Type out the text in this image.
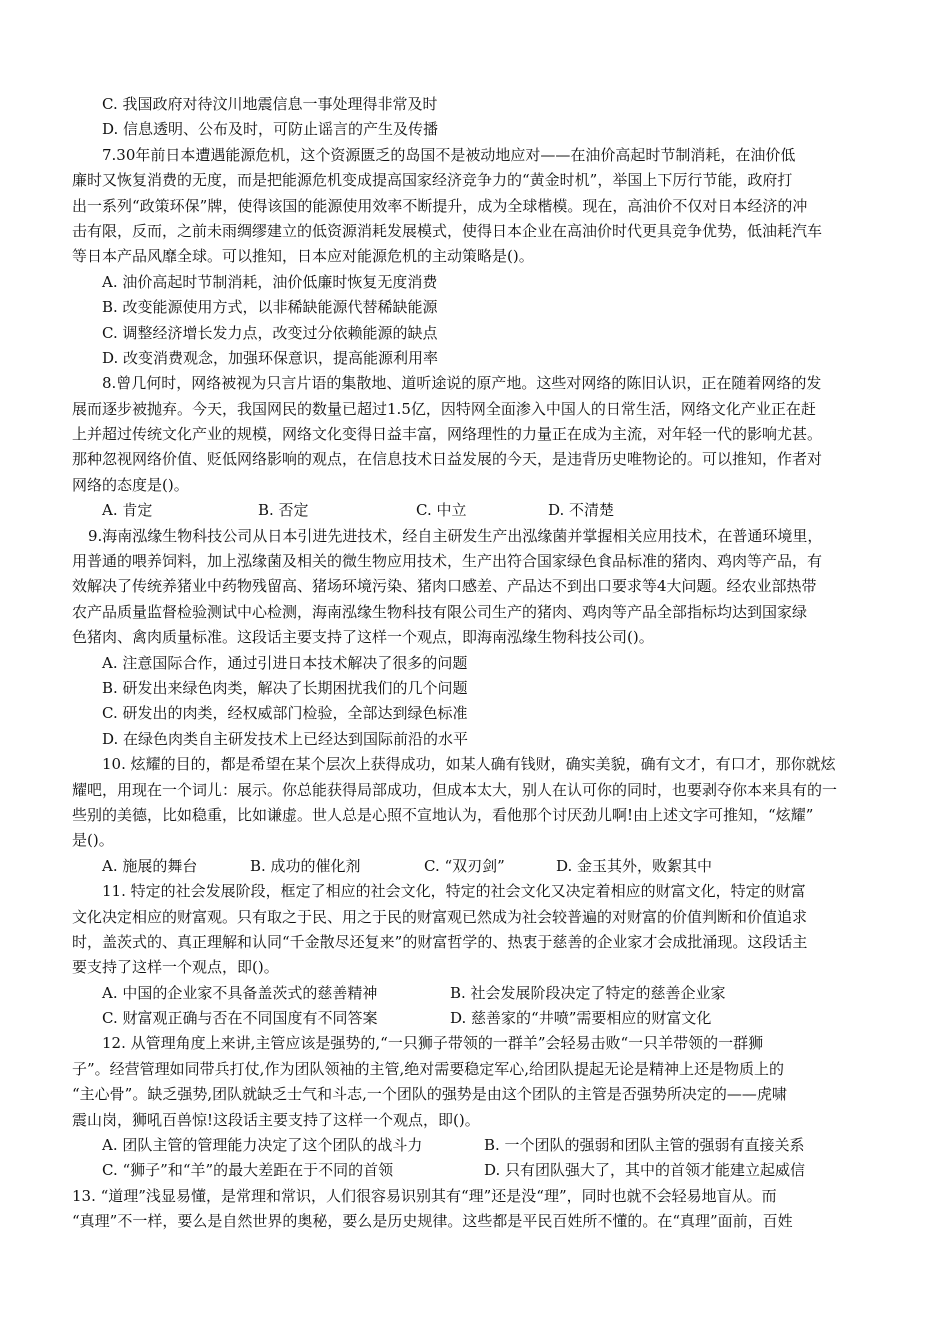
C. 我国政府对待汶川地震信息一事处理得非常及时
D. 信息透明、公布及时，可防止谣言的产生及传播
7.30年前日本遭遇能源危机，这个资源匮乏的岛国不是被动地应对——在油价高起时节制消耗，在油价低
廉时又恢复消费的无度，而是把能源危机变成提高国家经济竞争力的“黄金时机”，举国上下厉行节能，政府打
出一系列“政策环保”牌，使得该国的能源使用效率不断提升，成为全球楷模。现在，高油价不仅对日本经济的冲
击有限，反而，之前未雨绸缪建立的低资源消耗发展模式，使得日本企业在高油价时代更具竞争优势，低油耗汽车
等日本产品风靡全球。可以推知，日本应对能源危机的主动策略是()。
A. 油价高起时节制消耗，油价低廉时恢复无度消费
B. 改变能源使用方式，以非稀缺能源代替稀缺能源
C. 调整经济增长发力点，改变过分依赖能源的缺点
D. 改变消费观念，加强环保意识，提高能源利用率
8.曾几何时，网络被视为只言片语的集散地、道听途说的原产地。这些对网络的陈旧认识，正在随着网络的发
展而逐步被抛弃。今天，我国网民的数量已超过1.5亿，因特网全面渗入中国人的日常生活，网络文化产业正在赶
上并超过传统文化产业的规模，网络文化变得日益丰富，网络理性的力量正在成为主流，对年轻一代的影响尤甚。
那种忽视网络价值、贬低网络影响的观点，在信息技术日益发展的今天，是违背历史唯物论的。可以推知，作者对
网络的态度是()。
A. 肯定	B. 否定	C. 中立	D. 不清楚
9.海南泓缘生物科技公司从日本引进先进技术，经自主研发生产出泓缘菌并掌握相关应用技术，在普通环境里，
用普通的喂养饲料，加上泓缘菌及相关的微生物应用技术，生产出符合国家绿色食品标准的猪肉、鸡肉等产品，有
效解决了传统养猪业中药物残留高、猪场环境污染、猪肉口感差、产品达不到出口要求等4大问题。经农业部热带
农产品质量监督检验测试中心检测，海南泓缘生物科技有限公司生产的猪肉、鸡肉等产品全部指标均达到国家绿
色猪肉、禽肉质量标准。这段话主要支持了这样一个观点，即海南泓缘生物科技公司()。
A. 注意国际合作，通过引进日本技术解决了很多的问题
B. 研发出来绿色肉类，解决了长期困扰我们的几个问题
C. 研发出的肉类，经权威部门检验，全部达到绿色标准
D. 在绿色肉类自主研发技术上已经达到国际前沿的水平
10. 炫耀的目的，都是希望在某个层次上获得成功，如某人确有钱财，确实美貌，确有文才，有口才，那你就炫
耀吧，用现在一个词儿：展示。你总能获得局部成功，但成本太大，别人在认可你的同时，也要剥夺你本来具有的一
些别的美德，比如稳重，比如谦虚。世人总是心照不宣地认为，看他那个讨厌劲儿啊!由上述文字可推知，“炫耀”
是()。
A. 施展的舞台	B. 成功的催化剂	C. “双刃剑”	D. 金玉其外，败絮其中
11. 特定的社会发展阶段，框定了相应的社会文化，特定的社会文化又决定着相应的财富文化，特定的财富
文化决定相应的财富观。只有取之于民、用之于民的财富观已然成为社会较普遍的对财富的价值判断和价值追求
时，盖茨式的、真正理解和认同“千金散尽还复来”的财富哲学的、热衷于慈善的企业家才会成批涌现。这段话主
要支持了这样一个观点，即()。
A. 中国的企业家不具备盖茨式的慈善精神	B. 社会发展阶段决定了特定的慈善企业家
C. 财富观正确与否在不同国度有不同答案	D. 慈善家的“井喷”需要相应的财富文化
12. 从管理角度上来讲,主管应该是强势的,“一只狮子带领的一群羊”会轻易击败“一只羊带领的一群狮
子”。经营管理如同带兵打仗,作为团队领袖的主管,绝对需要稳定军心,给团队提起无论是精神上还是物质上的
“主心骨”。缺乏强势,团队就缺乏士气和斗志,一个团队的强势是由这个团队的主管是否强势所决定的——虎啸
震山岗，狮吼百兽惊!这段话主要支持了这样一个观点，即()。
A. 团队主管的管理能力决定了这个团队的战斗力	B. 一个团队的强弱和团队主管的强弱有直接关系
C. “狮子”和“羊”的最大差距在于不同的首领	D. 只有团队强大了，其中的首领才能建立起威信
13. “道理”浅显易懂，是常理和常识，人们很容易识别其有“理”还是没“理”，同时也就不会轻易地盲从。而
“真理”不一样，要么是自然世界的奥秘，要么是历史规律。这些都是平民百姓所不懂的。在“真理”面前，百姓
